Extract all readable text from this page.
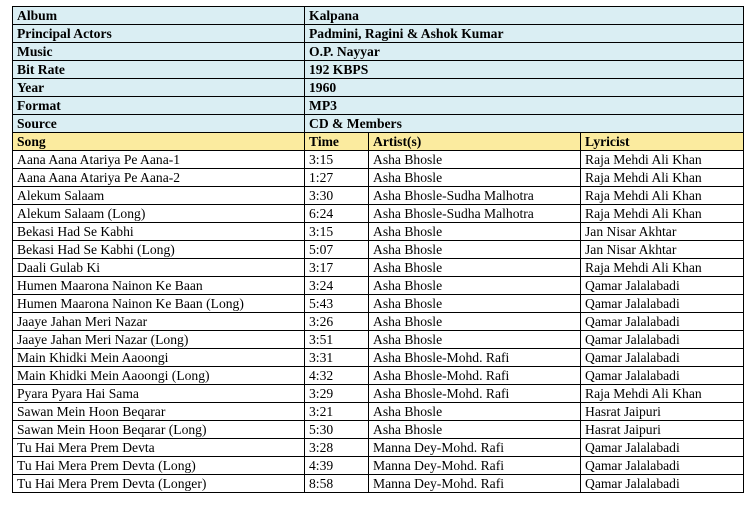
Album	Kalpana		
Principal Actors	Padmini, Ragini & Ashok Kumar		
Music	O.P. Nayyar		
Bit Rate	192 KBPS		
Year	1960		
Format	MP3		
Source	CD & Members		
Song	Time	Artist(s)	Lyricist
Aana Aana Atariya Pe Aana-1	3:15	Asha Bhosle	Raja Mehdi Ali Khan
Aana Aana Atariya Pe Aana-2	1:27	Asha Bhosle	Raja Mehdi Ali Khan
Alekum Salaam	3:30	Asha Bhosle-Sudha Malhotra	Raja Mehdi Ali Khan
Alekum Salaam (Long)	6:24	Asha Bhosle-Sudha Malhotra	Raja Mehdi Ali Khan
Bekasi Had Se Kabhi	3:15	Asha Bhosle	Jan Nisar Akhtar
Bekasi Had Se Kabhi (Long)	5:07	Asha Bhosle	Jan Nisar Akhtar
Daali Gulab Ki	3:17	Asha Bhosle	Raja Mehdi Ali Khan
Humen Maarona Nainon Ke Baan	3:24	Asha Bhosle	Qamar Jalalabadi
Humen Maarona Nainon Ke Baan (Long)	5:43	Asha Bhosle	Qamar Jalalabadi
Jaaye Jahan Meri Nazar	3:26	Asha Bhosle	Qamar Jalalabadi
Jaaye Jahan Meri Nazar (Long)	3:51	Asha Bhosle	Qamar Jalalabadi
Main Khidki Mein Aaoongi	3:31	Asha Bhosle-Mohd. Rafi	Qamar Jalalabadi
Main Khidki Mein Aaoongi (Long)	4:32	Asha Bhosle-Mohd. Rafi	Qamar Jalalabadi
Pyara Pyara Hai Sama	3:29	Asha Bhosle-Mohd. Rafi	Raja Mehdi Ali Khan
Sawan Mein Hoon Beqarar	3:21	Asha Bhosle	Hasrat Jaipuri
Sawan Mein Hoon Beqarar (Long)	5:30	Asha Bhosle	Hasrat Jaipuri
Tu Hai Mera Prem Devta	3:28	Manna Dey-Mohd. Rafi	Qamar Jalalabadi
Tu Hai Mera Prem Devta (Long)	4:39	Manna Dey-Mohd. Rafi	Qamar Jalalabadi
Tu Hai Mera Prem Devta (Longer)	8:58	Manna Dey-Mohd. Rafi	Qamar Jalalabadi
